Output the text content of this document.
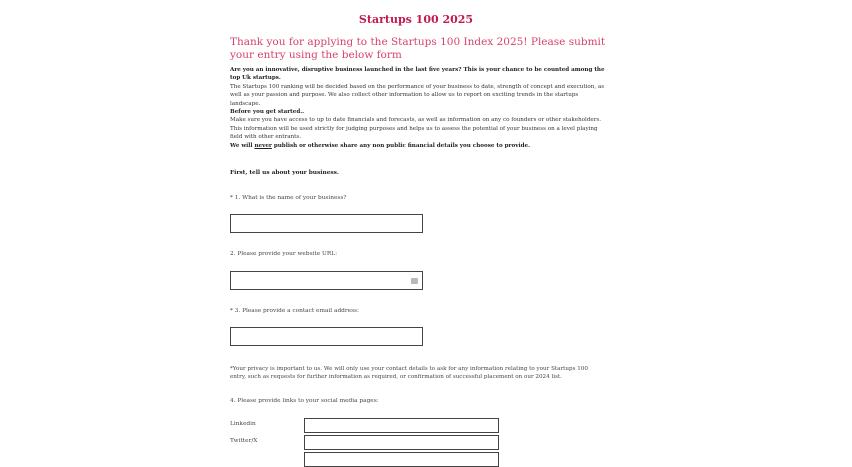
Startups 100 2025
Thank you for applying to the Startups 100 Index 2025! Please submit your entry using the below form

Are you an innovative, disruptive business launched in the last five years? This is your chance to be counted among the top Uk startups.

The Startups 100 ranking will be decided based on the performance of your business to date, strength of concept and execution, as well as your passion and purpose. We also collect other information to allow us to report on exciting trends in the startups landscape.

Before you get started..

Make sure you have access to up to date financials and forecasts, as well as information on any co founders or other stakeholders. This information will be used strictly for judging purposes and helps us to assess the potential of your business on a level playing field with other entrants.

We will never publish or otherwise share any non public financial details you choose to provide.

First, tell us about your business.
* 1. What is the name of your business?
2. Please provide your website URL:
* 3. Please provide a contact email address:
*Your privacy is important to us. We will only use your contact details to ask for any information relating to your Startups 100 entry, such as requests for further information as required, or confirmation of successful placement on our 2024 list.
4. Please provide links to your social media pages:
Linkedin
Twitter/X
